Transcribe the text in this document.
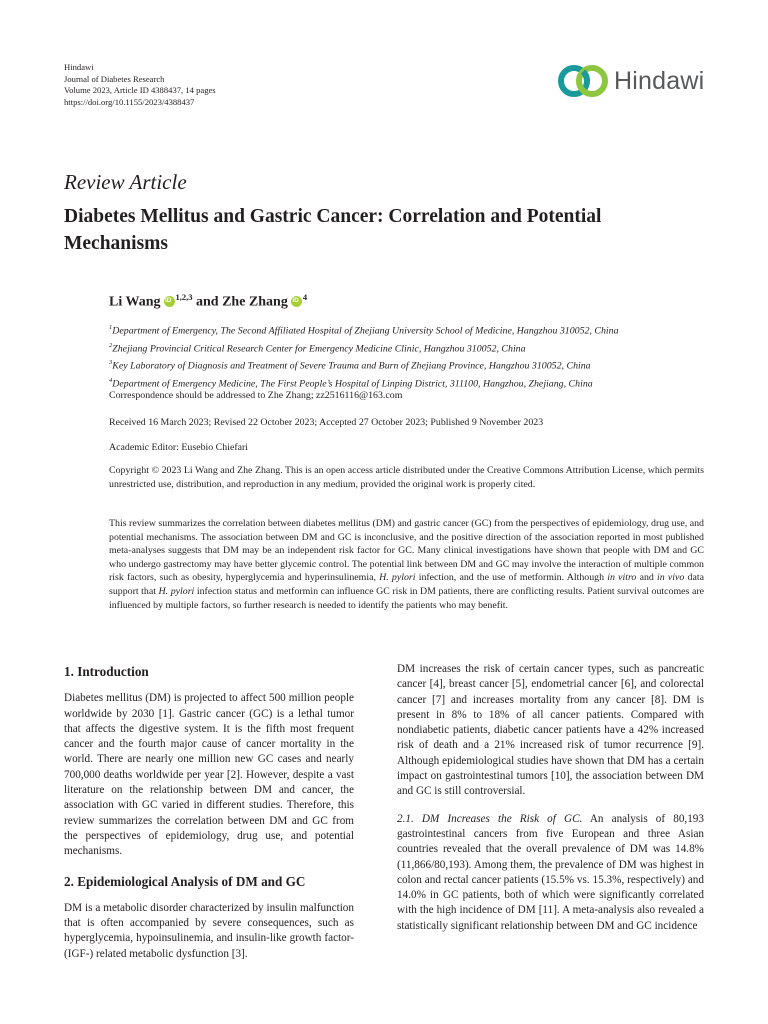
Hindawi
Journal of Diabetes Research
Volume 2023, Article ID 4388437, 14 pages
https://doi.org/10.1155/2023/4388437
Hindawi
Review Article
Diabetes Mellitus and Gastric Cancer: Correlation and Potential Mechanisms
Li Wang iD $^{1,2,3}$ and Zhe Zhang iD $^4$
$^1$Department of Emergency, The Second Affiliated Hospital of Zhejiang University School of Medicine, Hangzhou 310052, China
$^2$Zhejiang Provincial Critical Research Center for Emergency Medicine Clinic, Hangzhou 310052, China
$^3$Key Laboratory of Diagnosis and Treatment of Severe Trauma and Burn of Zhejiang Province, Hangzhou 310052, China
$^4$Department of Emergency Medicine, The First People’s Hospital of Linping District, 311100, Hangzhou, Zhejiang, China
Correspondence should be addressed to Zhe Zhang; zz2516116@163.com
Received 16 March 2023; Revised 22 October 2023; Accepted 27 October 2023; Published 9 November 2023
Academic Editor: Eusebio Chiefari
Copyright © 2023 Li Wang and Zhe Zhang. This is an open access article distributed under the Creative Commons Attribution License, which permits unrestricted use, distribution, and reproduction in any medium, provided the original work is properly cited.
This review summarizes the correlation between diabetes mellitus (DM) and gastric cancer (GC) from the perspectives of epidemiology, drug use, and potential mechanisms. The association between DM and GC is inconclusive, and the positive direction of the association reported in most published meta-analyses suggests that DM may be an independent risk factor for GC. Many clinical investigations have shown that people with DM and GC who undergo gastrectomy may have better glycemic control. The potential link between DM and GC may involve the interaction of multiple common risk factors, such as obesity, hyperglycemia and hyperinsulinemia, H. pylori infection, and the use of metformin. Although in vitro and in vivo data support that H. pylori infection status and metformin can influence GC risk in DM patients, there are conflicting results. Patient survival outcomes are influenced by multiple factors, so further research is needed to identify the patients who may benefit.
1. Introduction

Diabetes mellitus (DM) is projected to affect 500 million people worldwide by 2030 [1]. Gastric cancer (GC) is a lethal tumor that affects the digestive system. It is the fifth most frequent cancer and the fourth major cause of cancer mortality in the world. There are nearly one million new GC cases and nearly 700,000 deaths worldwide per year [2]. However, despite a vast literature on the relationship between DM and cancer, the association with GC varied in different studies. Therefore, this review summarizes the correlation between DM and GC from the perspectives of epidemiology, drug use, and potential mechanisms.

2. Epidemiological Analysis of DM and GC

DM is a metabolic disorder characterized by insulin malfunction that is often accompanied by severe consequences, such as hyperglycemia, hypoinsulinemia, and insulin-like growth factor- (IGF-) related metabolic dysfunction [3].

DM increases the risk of certain cancer types, such as pancreatic cancer [4], breast cancer [5], endometrial cancer [6], and colorectal cancer [7] and increases mortality from any cancer [8]. DM is present in 8% to 18% of all cancer patients. Compared with nondiabetic patients, diabetic cancer patients have a 42% increased risk of death and a 21% increased risk of tumor recurrence [9]. Although epidemiological studies have shown that DM has a certain impact on gastrointestinal tumors [10], the association between DM and GC is still controversial.

2.1. DM Increases the Risk of GC. An analysis of 80,193 gastrointestinal cancers from five European and three Asian countries revealed that the overall prevalence of DM was 14.8% (11,866/80,193). Among them, the prevalence of DM was highest in colon and rectal cancer patients (15.5% vs. 15.3%, respectively) and 14.0% in GC patients, both of which were significantly correlated with the high incidence of DM [11]. A meta-analysis also revealed a statistically significant relationship between DM and GC incidence
